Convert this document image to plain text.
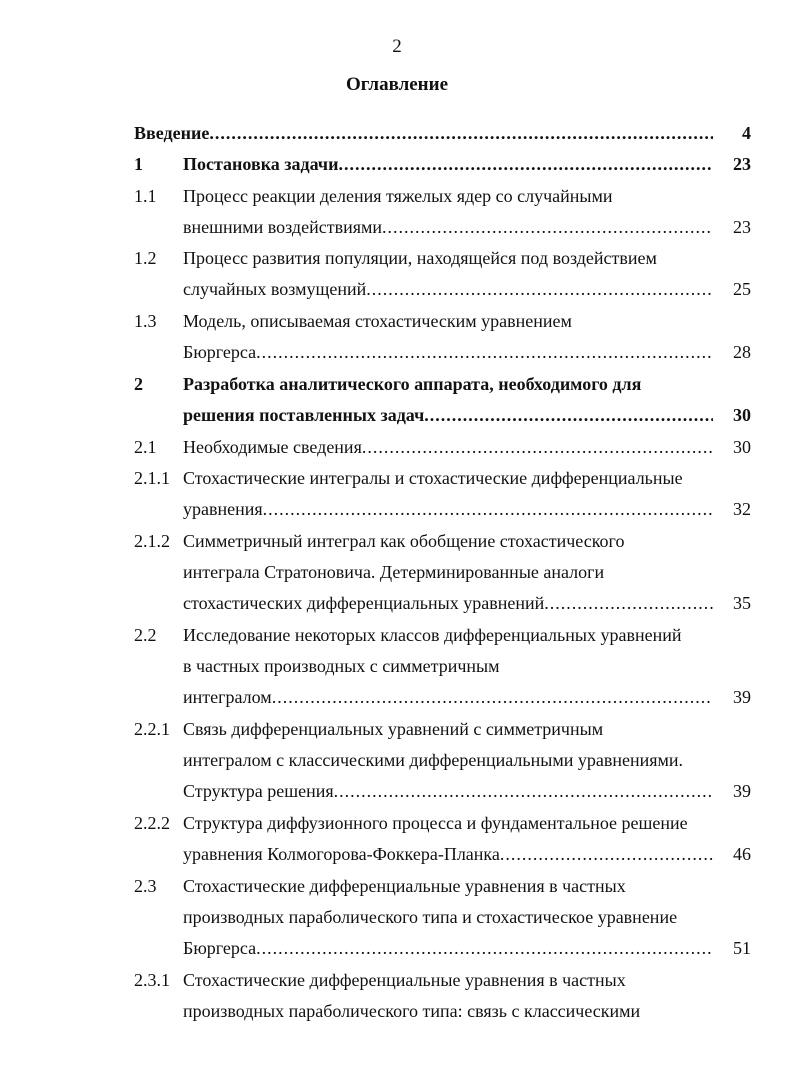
2
Оглавление
Введение .....	4
1 Постановка задачи .....	23
1.1 Процесс реакции деления тяжелых ядер со случайными
внешними воздействиями .....	23
1.2 Процесс развития популяции, находящейся под воздействием
случайных возмущений .....	25
1.3 Модель, описываемая стохастическим уравнением
Бюргерса .....	28
2 Разработка аналитического аппарата, необходимого для
решения поставленных задач .....	30
2.1 Необходимые сведения .....	30
2.1.1 Стохастические интегралы и стохастические дифференциальные
уравнения .....	32
2.1.2 Симметричный интеграл как обобщение стохастического
интеграла Стратоновича. Детерминированные аналоги
стохастических дифференциальных уравнений .....	35
2.2 Исследование некоторых классов дифференциальных уравнений
в частных производных с симметричным
интегралом .....	39
2.2.1 Связь дифференциальных уравнений с симметричным
интегралом с классическими дифференциальными уравнениями.
Структура решения .....	39
2.2.2 Структура диффузионного процесса и фундаментальное решение
уравнения Колмогорова-Фоккера-Планка .....	46
2.3 Стохастические дифференциальные уравнения в частных
производных параболического типа и стохастическое уравнение
Бюргерса .....	51
2.3.1 Стохастические дифференциальные уравнения в частных
производных параболического типа: связь с классическими
